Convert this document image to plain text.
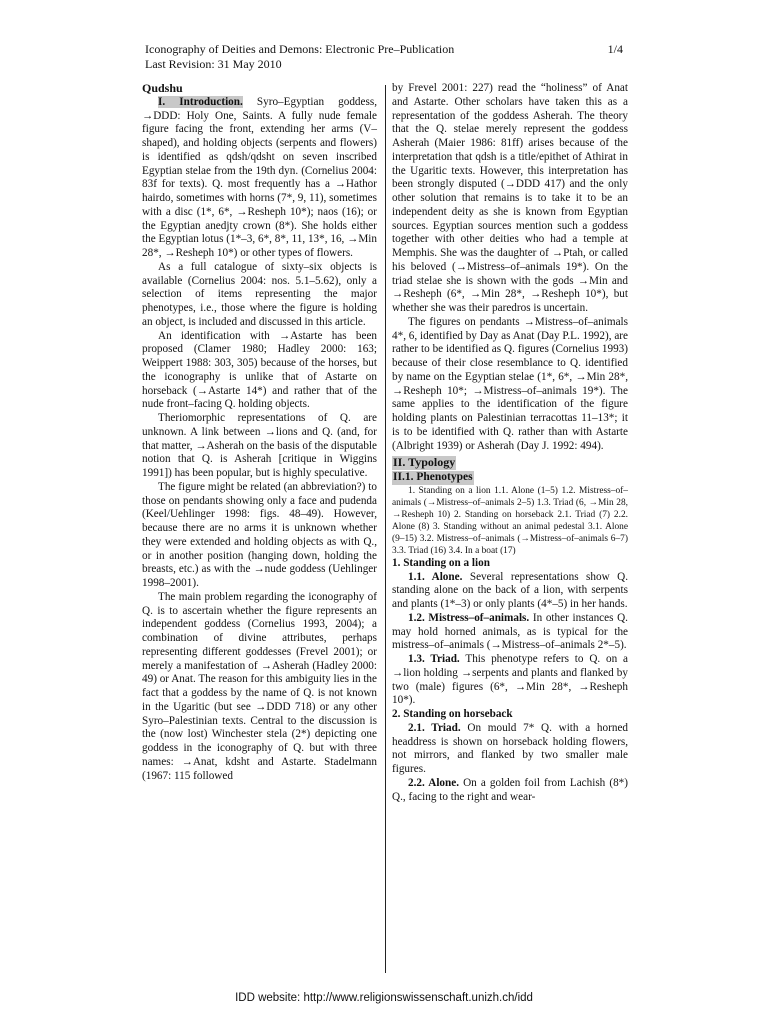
Iconography of Deities and Demons: Electronic Pre–Publication	1/4
Last Revision: 31 May 2010

Qudshu

I. Introduction. Syro–Egyptian goddess, →DDD: Holy One, Saints. A fully nude female figure facing the front, extending her arms (V–shaped), and holding objects (serpents and flowers) is identified as qdsh/qdsht on seven inscribed Egyptian stelae from the 19th dyn. (Cornelius 2004: 83f for texts). Q. most frequently has a →Hathor hairdo, sometimes with horns (7*, 9, 11), sometimes with a disc (1*, 6*, →Resheph 10*); naos (16); or the Egyptian anedjty crown (8*). She holds either the Egyptian lotus (1*–3, 6*, 8*, 11, 13*, 16, →Min 28*, →Resheph 10*) or other types of flowers.

As a full catalogue of sixty–six objects is available (Cornelius 2004: nos. 5.1–5.62), only a selection of items representing the major phenotypes, i.e., those where the figure is holding an object, is included and discussed in this article.

An identification with →Astarte has been proposed (Clamer 1980; Hadley 2000: 163; Weippert 1988: 303, 305) because of the horses, but the iconography is unlike that of Astarte on horseback (→Astarte 14*) and rather that of the nude front–facing Q. holding objects.

Theriomorphic representations of Q. are unknown. A link between →lions and Q. (and, for that matter, →Asherah on the basis of the disputable notion that Q. is Asherah [critique in Wiggins 1991]) has been popular, but is highly speculative.

The figure might be related (an abbreviation?) to those on pendants showing only a face and pudenda (Keel/Uehlinger 1998: figs. 48–49). However, because there are no arms it is unknown whether they were extended and holding objects as with Q., or in another position (hanging down, holding the breasts, etc.) as with the →nude goddess (Uehlinger 1998–2001).

The main problem regarding the iconography of Q. is to ascertain whether the figure represents an independent goddess (Cornelius 1993, 2004); a combination of divine attributes, perhaps representing different goddesses (Frevel 2001); or merely a manifestation of →Asherah (Hadley 2000: 49) or Anat. The reason for this ambiguity lies in the fact that a goddess by the name of Q. is not known in the Ugaritic (but see →DDD 718) or any other Syro–Palestinian texts. Central to the discussion is the (now lost) Winchester stela (2*) depicting one goddess in the iconography of Q. but with three names: →Anat, kdsht and Astarte. Stadelmann (1967: 115 followed

by Frevel 2001: 227) read the “holiness” of Anat and Astarte. Other scholars have taken this as a representation of the goddess Asherah. The theory that the Q. stelae merely represent the goddess Asherah (Maier 1986: 81ff) arises because of the interpretation that qdsh is a title/epithet of Athirat in the Ugaritic texts. However, this interpretation has been strongly disputed (→DDD 417) and the only other solution that remains is to take it to be an independent deity as she is known from Egyptian sources. Egyptian sources mention such a goddess together with other deities who had a temple at Memphis. She was the daughter of →Ptah, or called his beloved (→Mistress–of–animals 19*). On the triad stelae she is shown with the gods →Min and →Resheph (6*, →Min 28*, →Resheph 10*), but whether she was their paredros is uncertain.

The figures on pendants →Mistress–of–animals 4*, 6, identified by Day as Anat (Day P.L. 1992), are rather to be identified as Q. figures (Cornelius 1993) because of their close resemblance to Q. identified by name on the Egyptian stelae (1*, 6*, →Min 28*, →Resheph 10*; →Mistress–of–animals 19*). The same applies to the identification of the figure holding plants on Palestinian terracottas 11–13*; it is to be identified with Q. rather than with Astarte (Albright 1939) or Asherah (Day J. 1992: 494).

II. Typology
II.1. Phenotypes

1. Standing on a lion 1.1. Alone (1–5) 1.2. Mistress–of–animals (→Mistress–of–animals 2–5) 1.3. Triad (6, →Min 28, →Resheph 10) 2. Standing on horseback 2.1. Triad (7) 2.2. Alone (8) 3. Standing without an animal pedestal 3.1. Alone (9–15) 3.2. Mistress–of–animals (→Mistress–of–animals 6–7) 3.3. Triad (16) 3.4. In a boat (17)

1. Standing on a lion

1.1. Alone. Several representations show Q. standing alone on the back of a lion, with serpents and plants (1*–3) or only plants (4*–5) in her hands.

1.2. Mistress–of–animals. In other instances Q. may hold horned animals, as is typical for the mistress–of–animals (→Mistress–of–animals 2*–5).

1.3. Triad. This phenotype refers to Q. on a →lion holding →serpents and plants and flanked by two (male) figures (6*, →Min 28*, →Resheph 10*).

2. Standing on horseback

2.1. Triad. On mould 7* Q. with a horned headdress is shown on horseback holding flowers, not mirrors, and flanked by two smaller male figures.

2.2. Alone. On a golden foil from Lachish (8*) Q., facing to the right and wear-

IDD website: http://www.religionswissenschaft.unizh.ch/idd
